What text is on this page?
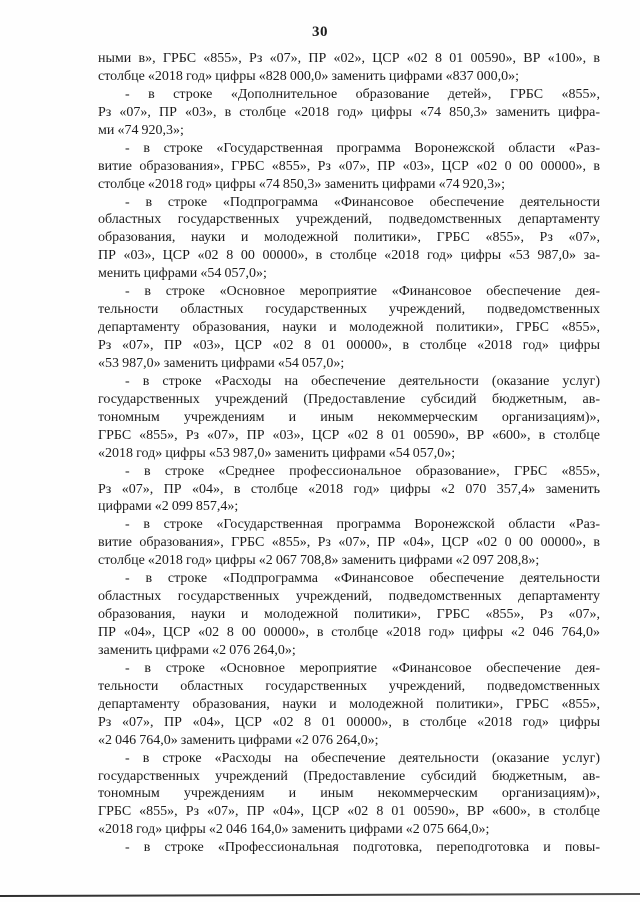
30
ными в», ГРБС «855», Рз «07», ПР «02», ЦСР «02 8 01 00590», ВР «100», в
столбце «2018 год» цифры «828 000,0» заменить цифрами «837 000,0»;
- в строке «Дополнительное образование детей», ГРБС «855»,
Рз «07», ПР «03», в столбце «2018 год» цифры «74 850,3» заменить цифра-
ми «74 920,3»;
- в строке «Государственная программа Воронежской области «Раз-
витие образования», ГРБС «855», Рз «07», ПР «03», ЦСР «02 0 00 00000», в
столбце «2018 год» цифры «74 850,3» заменить цифрами «74 920,3»;
- в строке «Подпрограмма «Финансовое обеспечение деятельности
областных государственных учреждений, подведомственных департаменту
образования, науки и молодежной политики», ГРБС «855», Рз «07»,
ПР «03», ЦСР «02 8 00 00000», в столбце «2018 год» цифры «53 987,0» за-
менить цифрами «54 057,0»;
- в строке «Основное мероприятие «Финансовое обеспечение дея-
тельности областных государственных учреждений, подведомственных
департаменту образования, науки и молодежной политики», ГРБС «855»,
Рз «07», ПР «03», ЦСР «02 8 01 00000», в столбце «2018 год» цифры
«53 987,0» заменить цифрами «54 057,0»;
- в строке «Расходы на обеспечение деятельности (оказание услуг)
государственных учреждений (Предоставление субсидий бюджетным, ав-
тономным учреждениям и иным некоммерческим организациям)»,
ГРБС «855», Рз «07», ПР «03», ЦСР «02 8 01 00590», ВР «600», в столбце
«2018 год» цифры «53 987,0» заменить цифрами «54 057,0»;
- в строке «Среднее профессиональное образование», ГРБС «855»,
Рз «07», ПР «04», в столбце «2018 год» цифры «2 070 357,4» заменить
цифрами «2 099 857,4»;
- в строке «Государственная программа Воронежской области «Раз-
витие образования», ГРБС «855», Рз «07», ПР «04», ЦСР «02 0 00 00000», в
столбце «2018 год» цифры «2 067 708,8» заменить цифрами «2 097 208,8»;
- в строке «Подпрограмма «Финансовое обеспечение деятельности
областных государственных учреждений, подведомственных департаменту
образования, науки и молодежной политики», ГРБС «855», Рз «07»,
ПР «04», ЦСР «02 8 00 00000», в столбце «2018 год» цифры «2 046 764,0»
заменить цифрами «2 076 264,0»;
- в строке «Основное мероприятие «Финансовое обеспечение дея-
тельности областных государственных учреждений, подведомственных
департаменту образования, науки и молодежной политики», ГРБС «855»,
Рз «07», ПР «04», ЦСР «02 8 01 00000», в столбце «2018 год» цифры
«2 046 764,0» заменить цифрами «2 076 264,0»;
- в строке «Расходы на обеспечение деятельности (оказание услуг)
государственных учреждений (Предоставление субсидий бюджетным, ав-
тономным учреждениям и иным некоммерческим организациям)»,
ГРБС «855», Рз «07», ПР «04», ЦСР «02 8 01 00590», ВР «600», в столбце
«2018 год» цифры «2 046 164,0» заменить цифрами «2 075 664,0»;
- в строке «Профессиональная подготовка, переподготовка и повы-
